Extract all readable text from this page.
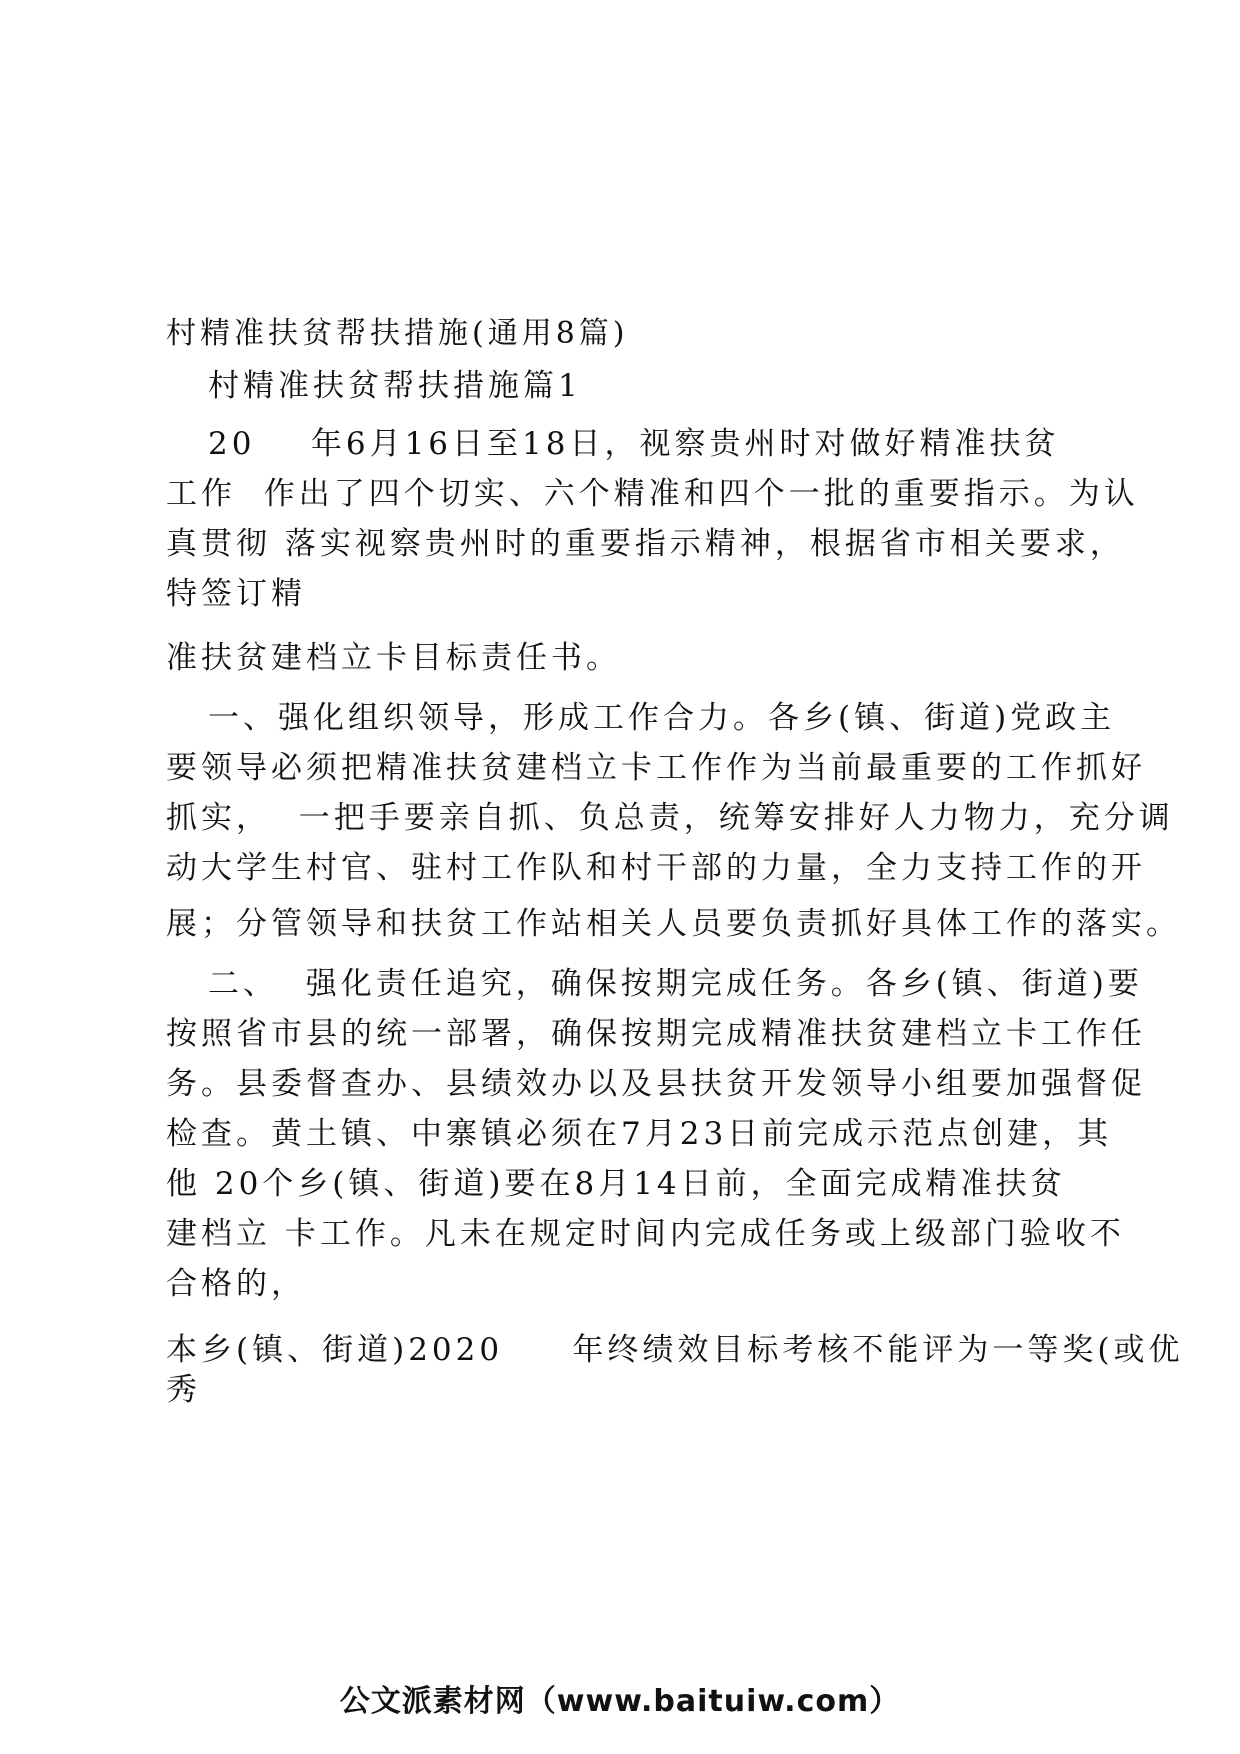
村精准扶贫帮扶措施(通用8篇)
村精准扶贫帮扶措施篇1
20    年6月16日至18日，视察贵州时对做好精准扶贫
工作  作出了四个切实、六个精准和四个一批的重要指示。为认
真贯彻 落实视察贵州时的重要指示精神，根据省市相关要求，
特签订精
准扶贫建档立卡目标责任书。
一、强化组织领导，形成工作合力。各乡(镇、街道)党政主
要领导必须把精准扶贫建档立卡工作作为当前最重要的工作抓好
抓实，  一把手要亲自抓、负总责，统筹安排好人力物力，充分调
动大学生村官、驻村工作队和村干部的力量，全力支持工作的开
展；分管领导和扶贫工作站相关人员要负责抓好具体工作的落实。
二、  强化责任追究，确保按期完成任务。各乡(镇、街道)要
按照省市县的统一部署，确保按期完成精准扶贫建档立卡工作任
务。县委督查办、县绩效办以及县扶贫开发领导小组要加强督促
检查。黄土镇、中寨镇必须在7月23日前完成示范点创建，其
他 20个乡(镇、街道)要在8月14日前，全面完成精准扶贫
建档立 卡工作。凡未在规定时间内完成任务或上级部门验收不
合格的，
本乡(镇、街道)2020     年终绩效目标考核不能评为一等奖(或优
秀
公文派素材网（www.baituiw.com）
